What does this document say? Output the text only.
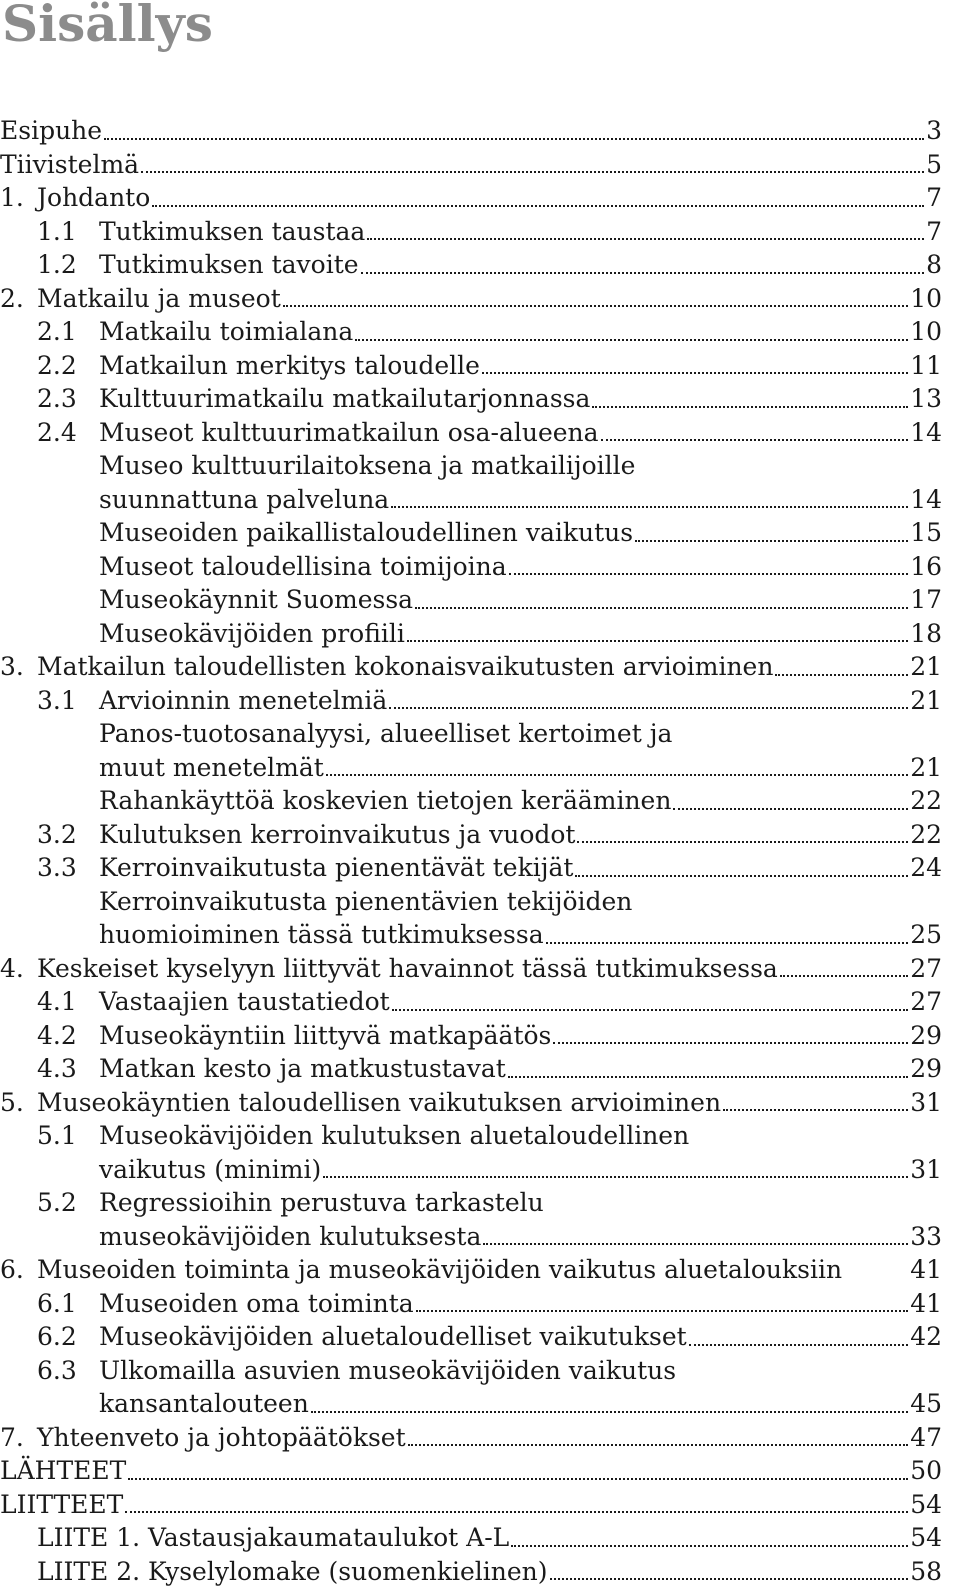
Sisällys
Esipuhe	3
Tiivistelmä	5
1. Johdanto	7
1.1 Tutkimuksen taustaa	7
1.2 Tutkimuksen tavoite	8
2. Matkailu ja museot	10
2.1 Matkailu toimialana	10
2.2 Matkailun merkitys taloudelle	11
2.3 Kulttuurimatkailu matkailutarjonnassa	13
2.4 Museot kulttuurimatkailun osa-alueena	14
Museo kulttuurilaitoksena ja matkailijoille
suunnattuna palveluna	14
Museoiden paikallistaloudellinen vaikutus	15
Museot taloudellisina toimijoina	16
Museokäynnit Suomessa	17
Museokävijöiden profiili	18
3. Matkailun taloudellisten kokonaisvaikutusten arvioiminen	21
3.1 Arvioinnin menetelmiä	21
Panos-tuotosanalyysi, alueelliset kertoimet ja
muut menetelmät	21
Rahankäyttöä koskevien tietojen kerääminen	22
3.2 Kulutuksen kerroinvaikutus ja vuodot	22
3.3 Kerroinvaikutusta pienentävät tekijät	24
Kerroinvaikutusta pienentävien tekijöiden
huomioiminen tässä tutkimuksessa	25
4. Keskeiset kyselyyn liittyvät havainnot tässä tutkimuksessa	27
4.1 Vastaajien taustatiedot	27
4.2 Museokäyntiin liittyvä matkapäätös	29
4.3 Matkan kesto ja matkustustavat	29
5. Museokäyntien taloudellisen vaikutuksen arvioiminen	31
5.1 Museokävijöiden kulutuksen aluetaloudellinen
vaikutus (minimi)	31
5.2 Regressioihin perustuva tarkastelu
museokävijöiden kulutuksesta	33
6. Museoiden toiminta ja museokävijöiden vaikutus aluetalouksiin	41
6.1 Museoiden oma toiminta	41
6.2 Museokävijöiden aluetaloudelliset vaikutukset	42
6.3 Ulkomailla asuvien museokävijöiden vaikutus
kansantalouteen	45
7. Yhteenveto ja johtopäätökset	47
LÄHTEET	50
LIITTEET	54
LIITE 1. Vastausjakaumataulukot A-L	54
LIITE 2. Kyselylomake (suomenkielinen)	58
